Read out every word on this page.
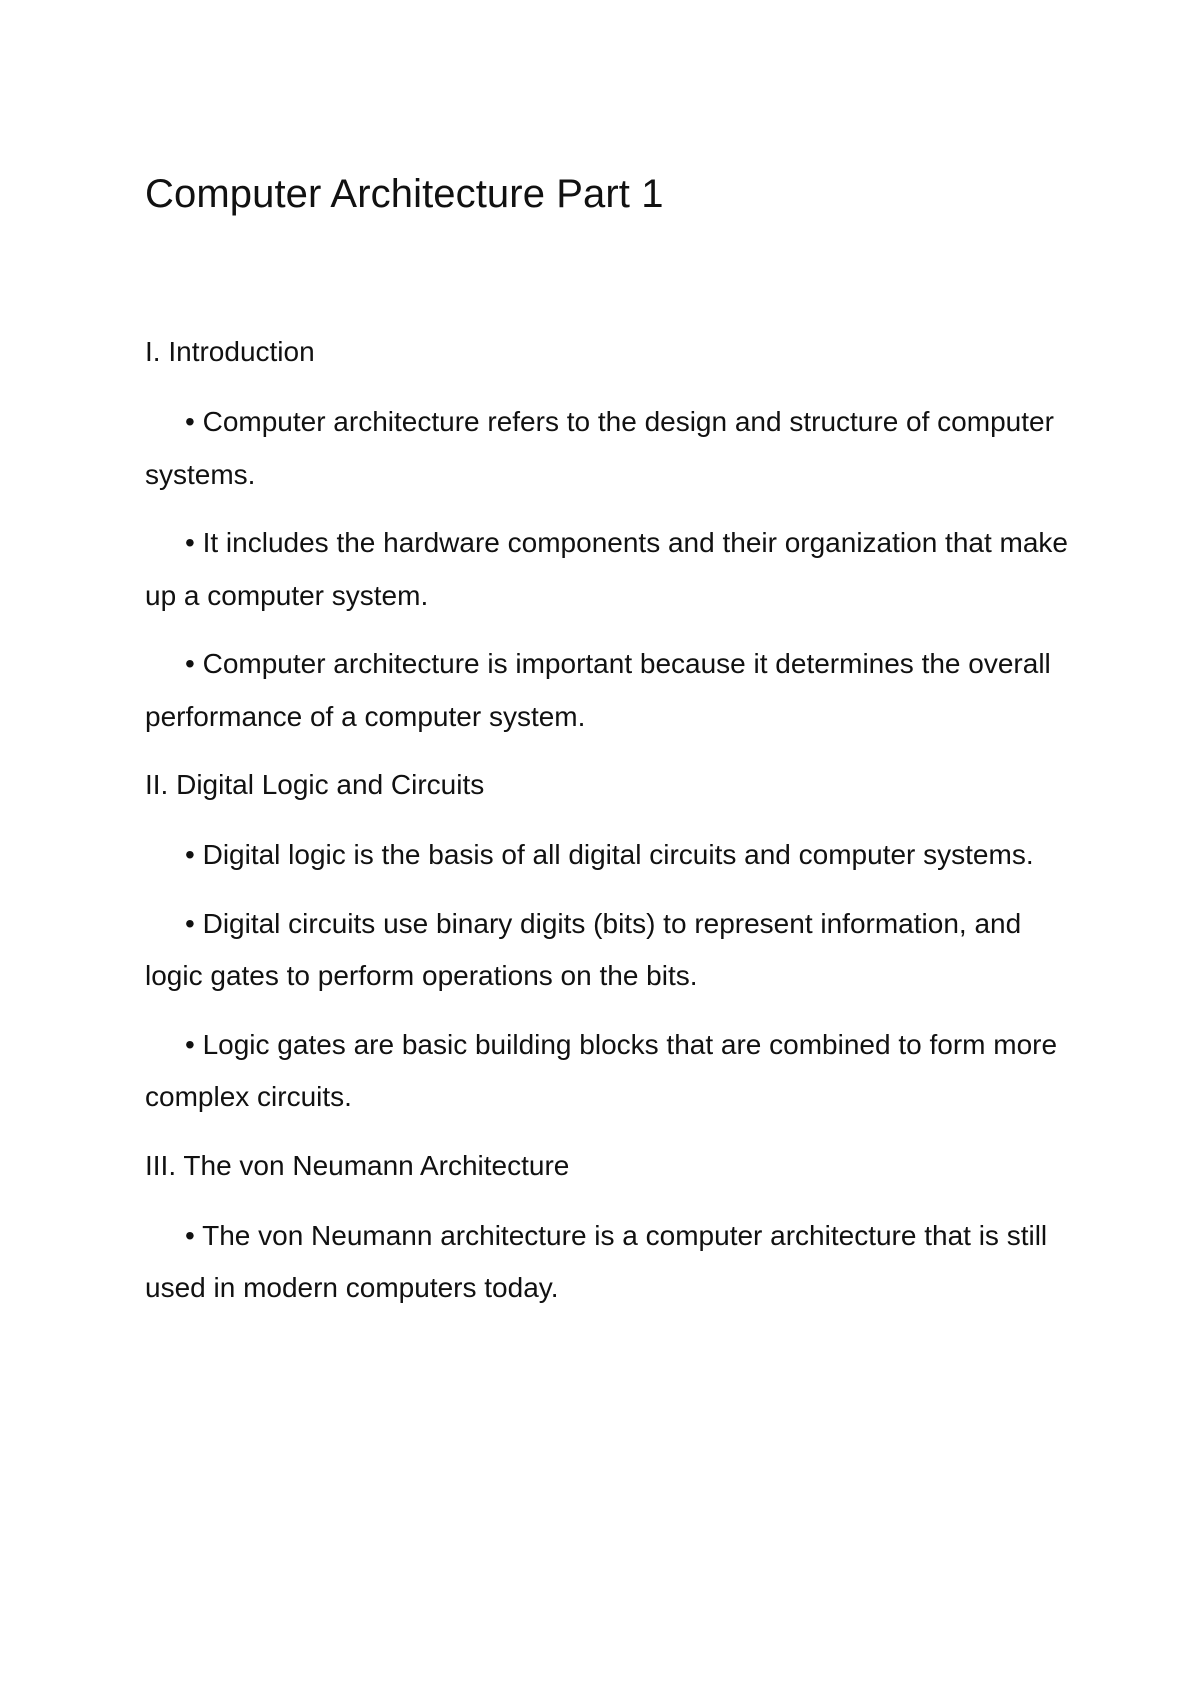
Computer Architecture Part 1

I. Introduction

• Computer architecture refers to the design and structure of computer systems.

• It includes the hardware components and their organization that make up a computer system.

• Computer architecture is important because it determines the overall performance of a computer system.

II. Digital Logic and Circuits

• Digital logic is the basis of all digital circuits and computer systems.

• Digital circuits use binary digits (bits) to represent information, and logic gates to perform operations on the bits.

• Logic gates are basic building blocks that are combined to form more complex circuits.

III. The von Neumann Architecture

• The von Neumann architecture is a computer architecture that is still used in modern computers today.
